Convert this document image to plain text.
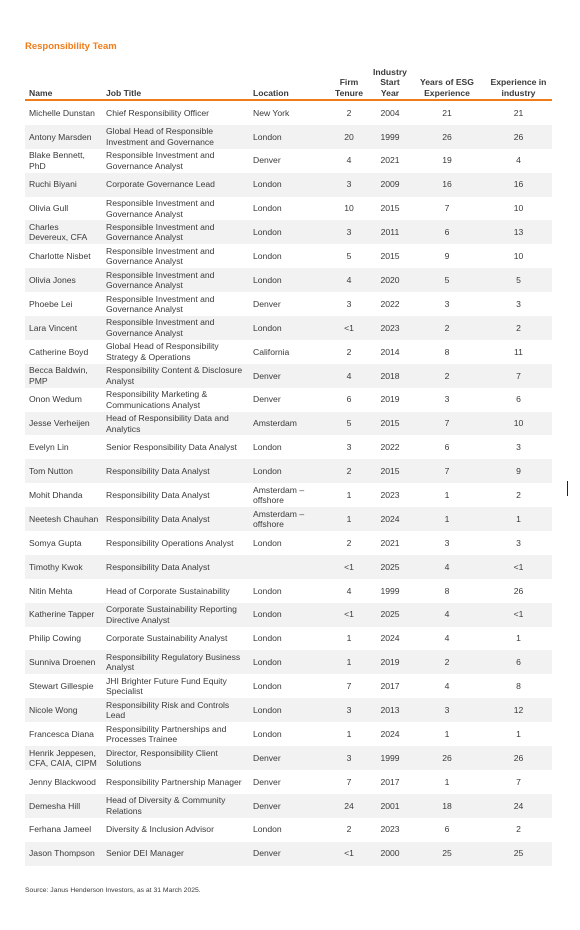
Responsibility Team
Name	Job Title	Location	Firm Tenure	Industry Start Year	Years of ESG Experience	Experience in industry
Michelle Dunstan	Chief Responsibility Officer	New York	2	2004	21	21
Antony Marsden	Global Head of Responsible Investment and Governance	London	20	1999	26	26
Blake Bennett, PhD	Responsible Investment and Governance Analyst	Denver	4	2021	19	4
Ruchi Biyani	Corporate Governance Lead	London	3	2009	16	16
Olivia Gull	Responsible Investment and Governance Analyst	London	10	2015	7	10
Charles Devereux, CFA	Responsible Investment and Governance Analyst	London	3	2011	6	13
Charlotte Nisbet	Responsible Investment and Governance Analyst	London	5	2015	9	10
Olivia Jones	Responsible Investment and Governance Analyst	London	4	2020	5	5
Phoebe Lei	Responsible Investment and Governance Analyst	Denver	3	2022	3	3
Lara Vincent	Responsible Investment and Governance Analyst	London	<1	2023	2	2
Catherine Boyd	Global Head of Responsibility Strategy & Operations	California	2	2014	8	11
Becca Baldwin, PMP	Responsibility Content & Disclosure Analyst	Denver	4	2018	2	7
Onon Wedum	Responsibility Marketing & Communications Analyst	Denver	6	2019	3	6
Jesse Verheijen	Head of Responsibility Data and Analytics	Amsterdam	5	2015	7	10
Evelyn Lin	Senior Responsibility Data Analyst	London	3	2022	6	3
Tom Nutton	Responsibility Data Analyst	London	2	2015	7	9
Mohit Dhanda	Responsibility Data Analyst	Amsterdam – offshore	1	2023	1	2
Neetesh Chauhan	Responsibility Data Analyst	Amsterdam – offshore	1	2024	1	1
Somya Gupta	Responsibility Operations Analyst	London	2	2021	3	3
Timothy Kwok	Responsibility Data Analyst		<1	2025	4	<1
Nitin Mehta	Head of Corporate Sustainability	London	4	1999	8	26
Katherine Tapper	Corporate Sustainability Reporting Directive Analyst	London	<1	2025	4	<1
Philip Cowing	Corporate Sustainability Analyst	London	1	2024	4	1
Sunniva Droenen	Responsibility Regulatory Business Analyst	London	1	2019	2	6
Stewart Gillespie	JHI Brighter Future Fund Equity Specialist	London	7	2017	4	8
Nicole Wong	Responsibility Risk and Controls Lead	London	3	2013	3	12
Francesca Diana	Responsibility Partnerships and Processes Trainee	London	1	2024	1	1
Henrik Jeppesen, CFA, CAIA, CIPM	Director, Responsibility Client Solutions	Denver	3	1999	26	26
Jenny Blackwood	Responsibility Partnership Manager	Denver	7	2017	1	7
Demesha Hill	Head of Diversity & Community Relations	Denver	24	2001	18	24
Ferhana Jameel	Diversity & Inclusion Advisor	London	2	2023	6	2
Jason Thompson	Senior DEI Manager	Denver	<1	2000	25	25
Source: Janus Henderson Investors, as at 31 March 2025.
